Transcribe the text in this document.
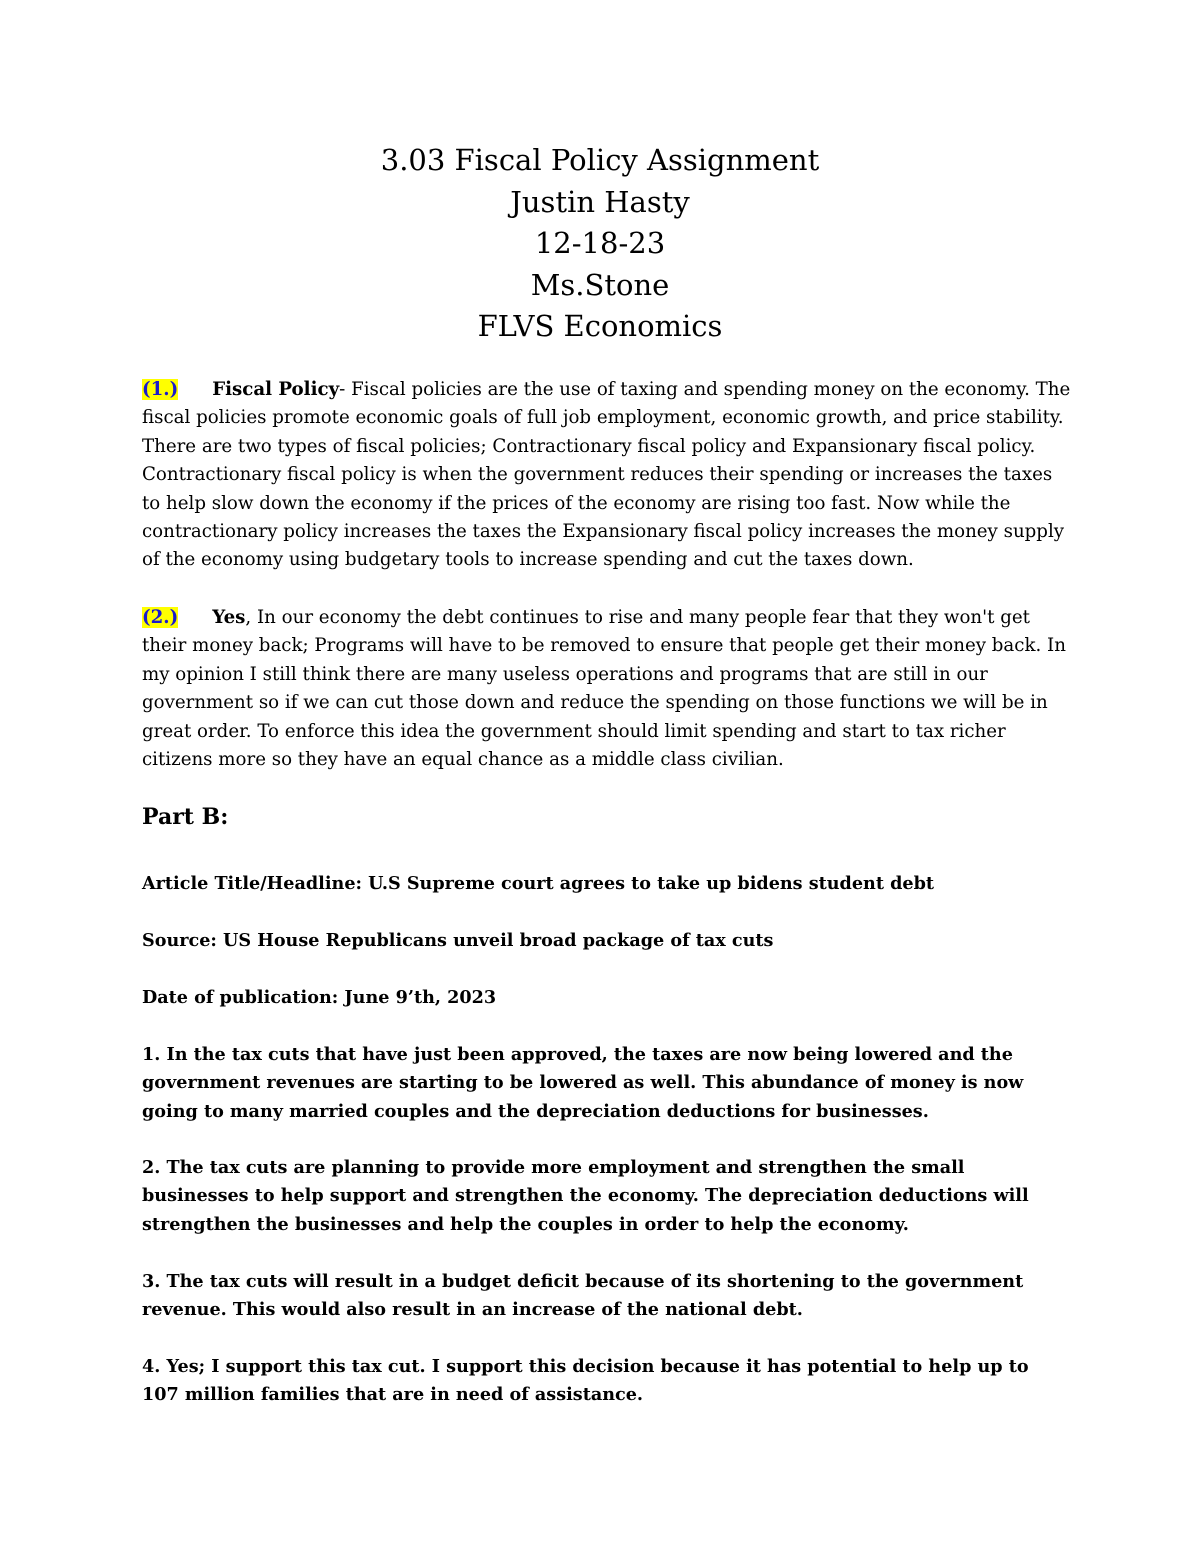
3.03 Fiscal Policy Assignment
Justin Hasty
12-18-23
Ms.Stone
FLVS Economics
(1.) Fiscal Policy- Fiscal policies are the use of taxing and spending money on the economy. The fiscal policies promote economic goals of full job employment, economic growth, and price stability. There are two types of fiscal policies; Contractionary fiscal policy and Expansionary fiscal policy. Contractionary fiscal policy is when the government reduces their spending or increases the taxes to help slow down the economy if the prices of the economy are rising too fast. Now while the contractionary policy increases the taxes the Expansionary fiscal policy increases the money supply of the economy using budgetary tools to increase spending and cut the taxes down.
(2.) Yes, In our economy the debt continues to rise and many people fear that they won't get their money back; Programs will have to be removed to ensure that people get their money back. In my opinion I still think there are many useless operations and programs that are still in our government so if we can cut those down and reduce the spending on those functions we will be in great order. To enforce this idea the government should limit spending and start to tax richer citizens more so they have an equal chance as a middle class civilian.
Part B:
Article Title/Headline: U.S Supreme court agrees to take up bidens student debt
Source: US House Republicans unveil broad package of tax cuts
Date of publication: June 9’th, 2023
1. In the tax cuts that have just been approved, the taxes are now being lowered and the government revenues are starting to be lowered as well. This abundance of money is now going to many married couples and the depreciation deductions for businesses.
2. The tax cuts are planning to provide more employment and strengthen the small businesses to help support and strengthen the economy. The depreciation deductions will strengthen the businesses and help the couples in order to help the economy.
3. The tax cuts will result in a budget deficit because of its shortening to the government revenue. This would also result in an increase of the national debt.
4. Yes; I support this tax cut. I support this decision because it has potential to help up to 107 million families that are in need of assistance.
